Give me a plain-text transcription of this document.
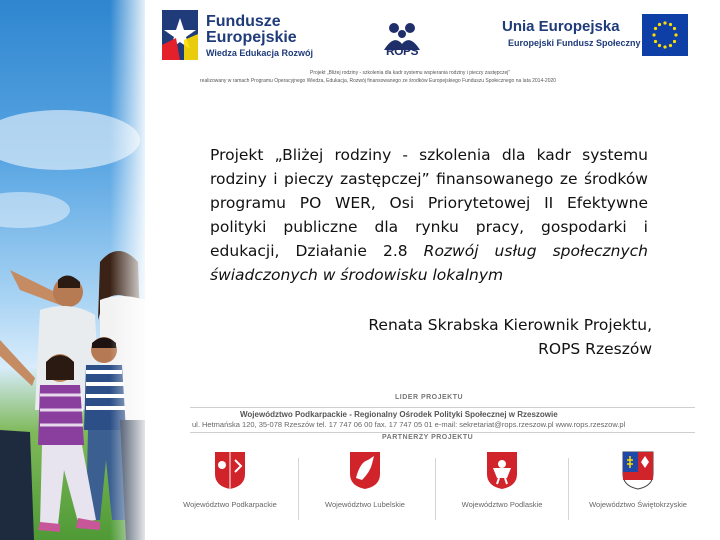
Fundusze
Europejskie
Wiedza Edukacja Rozwój	ROPS
Unia Europejska
Europejski Fundusz Społeczny
Projekt „Bliżej rodziny - szkolenia dla kadr systemu wspierania rodziny i pieczy zastępczej”
realizowany w ramach Programu Operacyjnego Wiedza, Edukacja, Rozwój finansowanego ze środków Europejskiego Funduszu Społecznego na lata 2014-2020
Projekt „Bliżej rodziny - szkolenia dla kadr systemu rodziny i pieczy zastępczej” finansowanego ze środków programu PO WER, Osi Priorytetowej II Efektywne polityki publiczne dla rynku pracy, gospodarki i edukacji, Działanie 2.8 Rozwój usług społecznych świadczonych w środowisku lokalnym
Renata Skrabska Kierownik Projektu,
ROPS Rzeszów
LIDER PROJEKTU
Województwo Podkarpackie - Regionalny Ośrodek Polityki Społecznej w Rzeszowie
ul. Hetmańska 120, 35-078 Rzeszów tel. 17 747 06 00 fax. 17 747 05 01 e-mail: sekretariat@rops.rzeszow.pl www.rops.rzeszow.pl
PARTNERZY PROJEKTU
Województwo Podkarpackie	Województwo Lubelskie	Województwo Podlaskie	Województwo Świętokrzyskie
